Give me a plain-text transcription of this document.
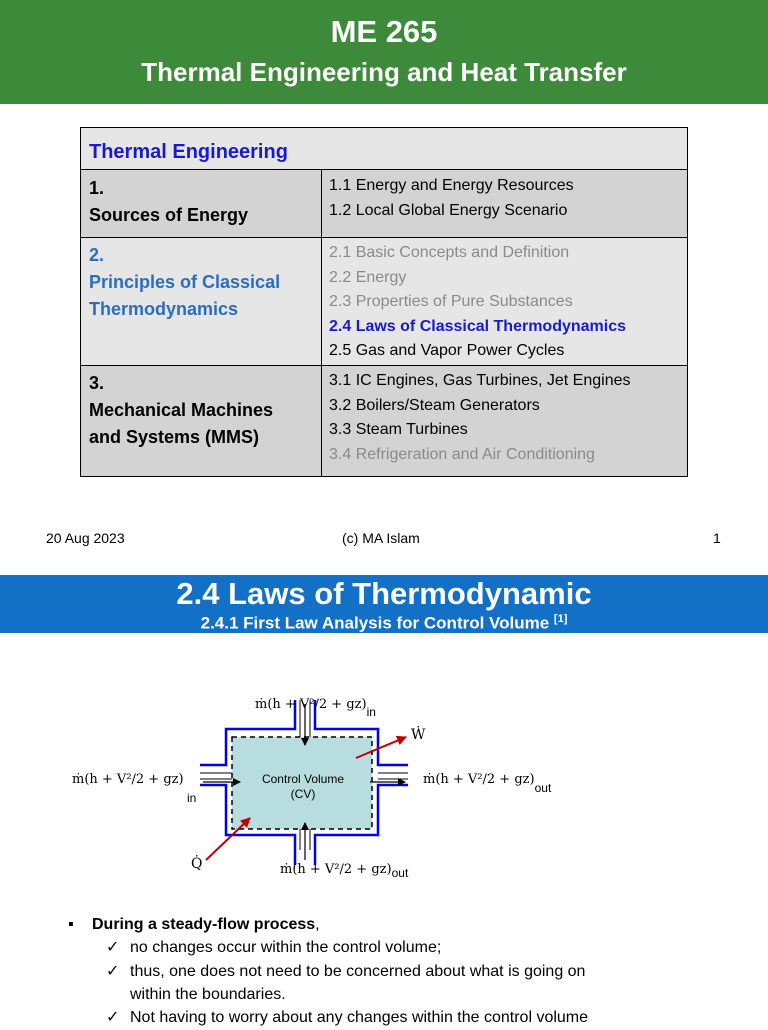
ME 265
Thermal Engineering and Heat Transfer
Thermal Engineering
1.
Sources of Energy
1.1 Energy and Energy Resources
1.2 Local Global Energy Scenario
2.
Principles of Classical
Thermodynamics
2.1 Basic Concepts and Definition
2.2 Energy
2.3 Properties of Pure Substances
2.4 Laws of Classical Thermodynamics
2.5 Gas and Vapor Power Cycles
3.
Mechanical Machines
and Systems (MMS)
3.1 IC Engines, Gas Turbines, Jet Engines
3.2 Boilers/Steam Generators
3.3 Steam Turbines
3.4 Refrigeration and Air Conditioning
20 Aug 2023	(c) MA Islam	1
2.4 Laws of Thermodynamic
2.4.1 First Law Analysis for Control Volume [1]
Control Volume
(CV)
ṁ(h + V²/2 + gz)in
ṁ(h + V²/2 + gz)
in
ṁ(h + V²/2 + gz)out
ṁ(h + V²/2 + gz)out
Ẇ
Q̇
▪ During a steady-flow process,
✓ no changes occur within the control volume;
✓ thus, one does not need to be concerned about what is going on
within the boundaries.
✓ Not having to worry about any changes within the control volume
